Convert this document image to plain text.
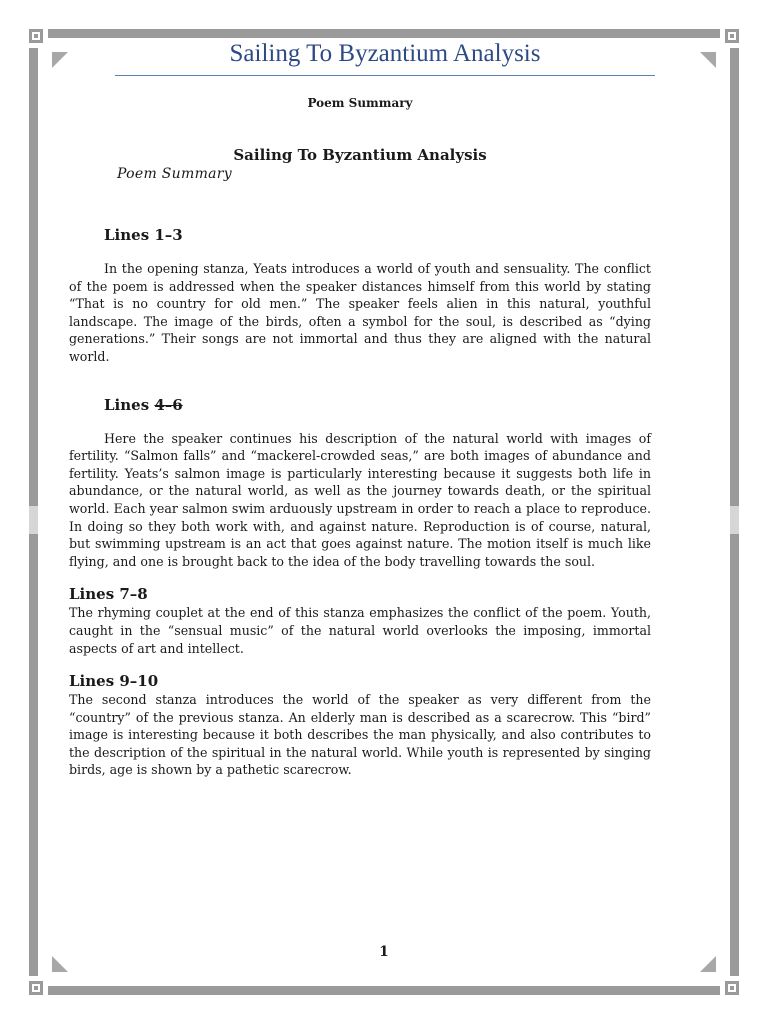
Sailing To Byzantium Analysis
Poem Summary
Sailing To Byzantium Analysis
Poem Summary
Lines 1–3

In the opening stanza, Yeats introduces a world of youth and sensuality. The conflict of the poem is addressed when the speaker distances himself from this world by stating “That is no country for old men.” The speaker feels alien in this natural, youthful landscape. The image of the birds, often a symbol for the soul, is described as “dying generations.” Their songs are not immortal and thus they are aligned with the natural world.

Lines 4–6

Here the speaker continues his description of the natural world with images of fertility. “Salmon falls” and “mackerel-crowded seas,” are both images of abundance and fertility. Yeats’s salmon image is particularly interesting because it suggests both life in abundance, or the natural world, as well as the journey towards death, or the spiritual world. Each year salmon swim arduously upstream in order to reach a place to reproduce. In doing so they both work with, and against nature. Reproduction is of course, natural, but swimming upstream is an act that goes against nature. The motion itself is much like flying, and one is brought back to the idea of the body travelling towards the soul.

Lines 7–8

The rhyming couplet at the end of this stanza emphasizes the conflict of the poem. Youth, caught in the “sensual music” of the natural world overlooks the imposing, immortal aspects of art and intellect.

Lines 9–10

The second stanza introduces the world of the speaker as very different from the “country” of the previous stanza. An elderly man is described as a scarecrow. This “bird” image is interesting because it both describes the man physically, and also contributes to the description of the spiritual in the natural world. While youth is represented by singing birds, age is shown by a pathetic scarecrow.

1
